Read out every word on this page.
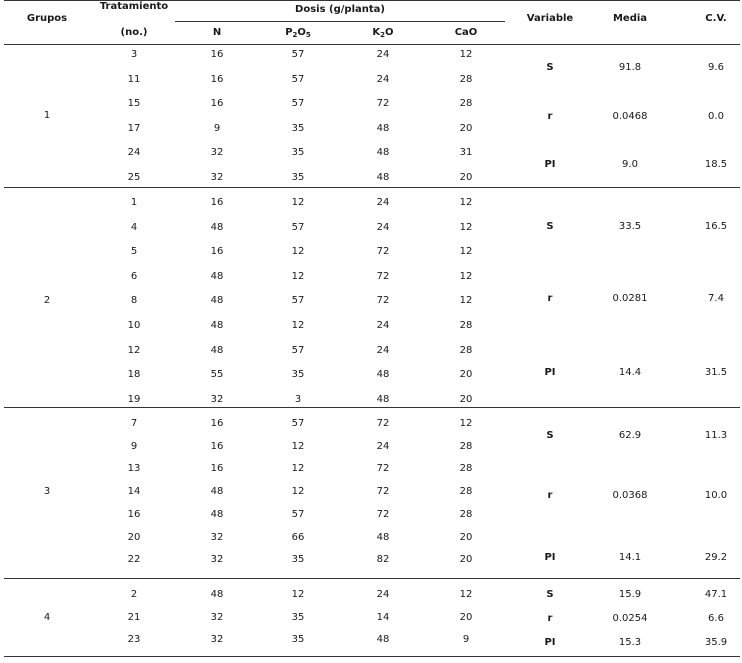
Grupos
Tratamiento
(no.)
Dosis (g/planta)
N	$P_2O_5$	$K_2O$	CaO
Variable	Media	C.V.
3	16	57	24	12
11	16	57	24	28
15	16	57	72	28
17	9	35	48	20
24	32	35	48	31
25	32	35	48	20
1
S	91.8	9.6
r	0.0468	0.0
PI	9.0	18.5
1	16	12	24	12
4	48	57	24	12
5	16	12	72	12
6	48	12	72	12
8	48	57	72	12
10	48	12	24	28
12	48	57	24	28
18	55	35	48	20
19	32	3	48	20
2
S	33.5	16.5
r	0.0281	7.4
PI	14.4	31.5
7	16	57	72	12
9	16	12	24	28
13	16	12	72	28
14	48	12	72	28
16	48	57	72	28
20	32	66	48	20
22	32	35	82	20
3
S	62.9	11.3
r	0.0368	10.0
PI	14.1	29.2
2	48	12	24	12
21	32	35	14	20
23	32	35	48	9
4
S	15.9	47.1
r	0.0254	6.6
PI	15.3	35.9
